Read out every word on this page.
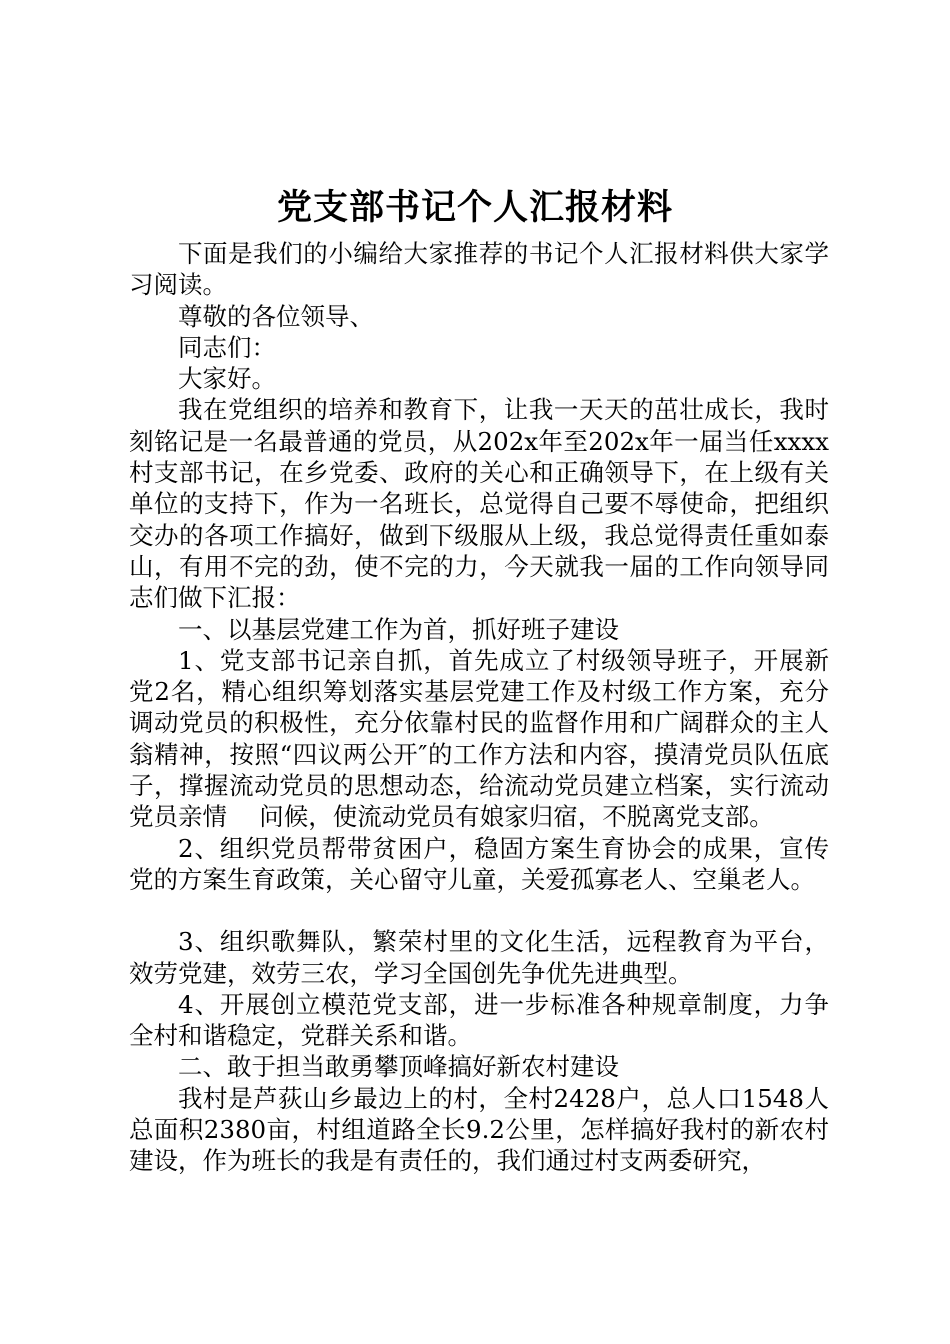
党支部书记个人汇报材料

下面是我们的小编给大家推荐的书记个人汇报材料供大家学习阅读。

尊敬的各位领导、

同志们：

大家好。

我在党组织的培养和教育下，让我一天天的茁壮成长，我时刻铭记是一名最普通的党员，从202x年至202x年一届当任xxxx村支部书记，在乡党委、政府的关心和正确领导下，在上级有关单位的支持下，作为一名班长，总觉得自己要不辱使命，把组织交办的各项工作搞好，做到下级服从上级，我总觉得责任重如泰山，有用不完的劲，使不完的力，今天就我一届的工作向领导同志们做下汇报：

一、以基层党建工作为首，抓好班子建设

1、党支部书记亲自抓，首先成立了村级领导班子，开展新党2名，精心组织筹划落实基层党建工作及村级工作方案，充分调动党员的积极性，充分依靠村民的监督作用和广阔群众的主人翁精神，按照“四议两公开″的工作方法和内容，摸清党员队伍底子，撑握流动党员的思想动态，给流动党员建立档案，实行流动党员亲情　 问候，使流动党员有娘家归宿，不脱离党支部。

2、组织党员帮带贫困户，稳固方案生育协会的成果，宣传党的方案生育政策，关心留守儿童，关爱孤寡老人、空巢老人。

3、组织歌舞队，繁荣村里的文化生活，远程教育为平台，效劳党建，效劳三农，学习全国创先争优先进典型。

4、开展创立模范党支部，进一步标准各种规章制度，力争全村和谐稳定，党群关系和谐。

二、敢于担当敢勇攀顶峰搞好新农村建设

我村是芦荻山乡最边上的村，全村2428户，总人口1548人总面积2380亩，村组道路全长9.2公里，怎样搞好我村的新农村建设，作为班长的我是有责任的，我们通过村支两委研究，
